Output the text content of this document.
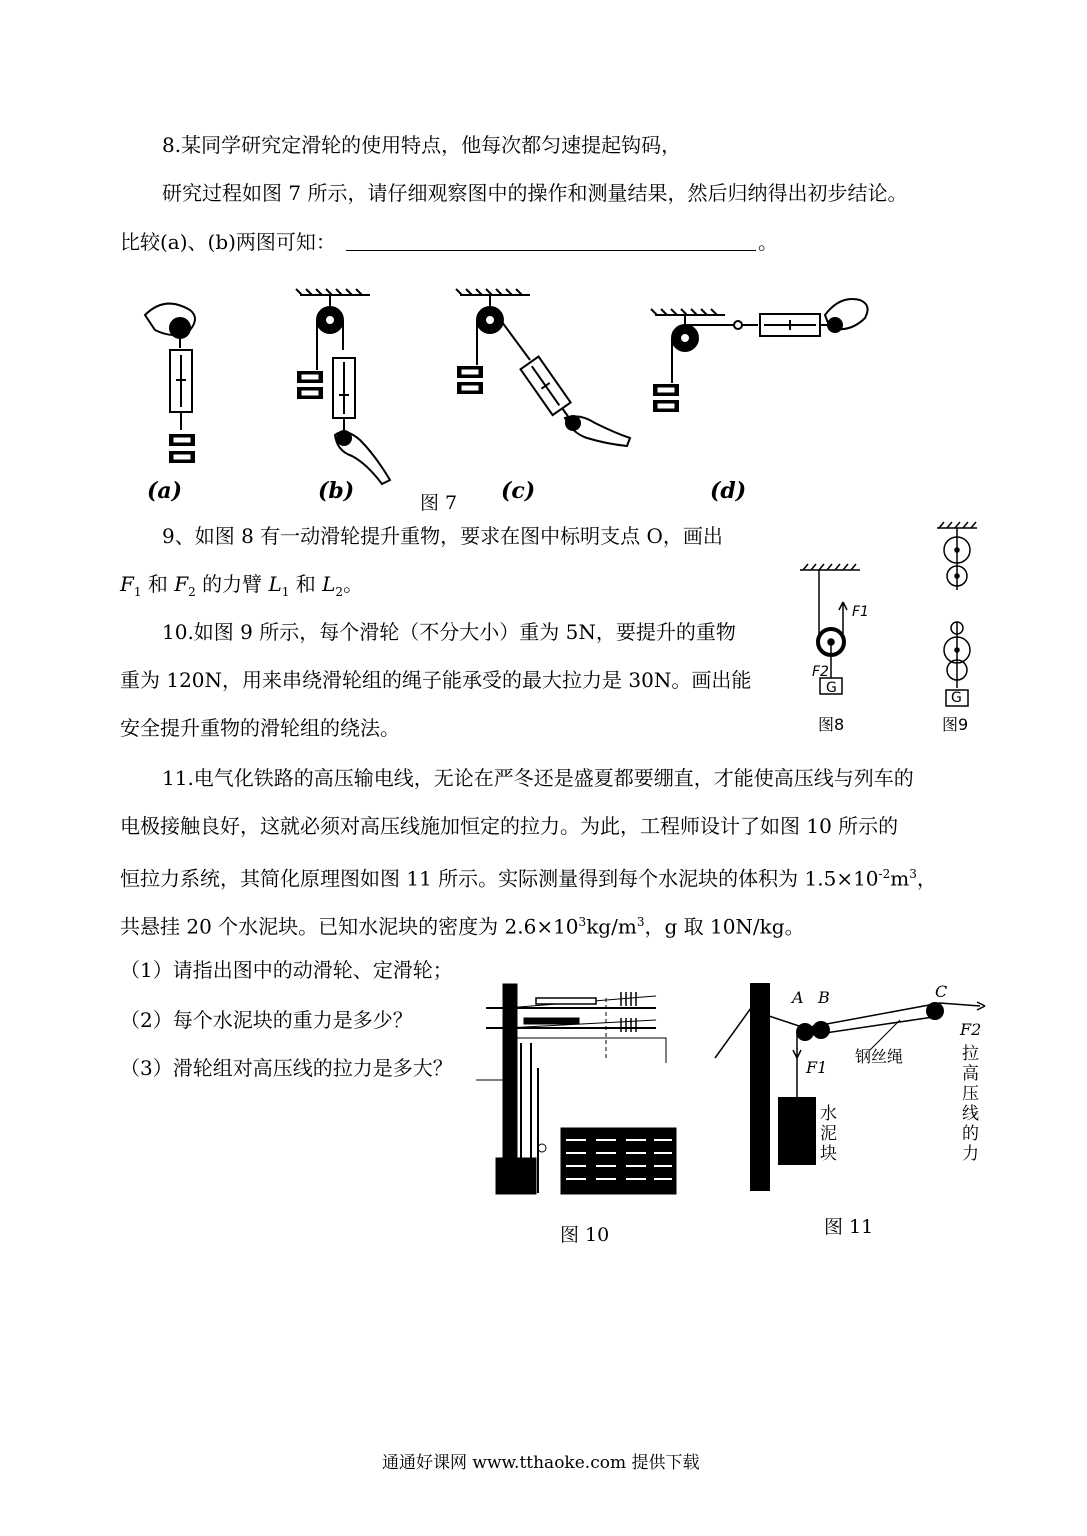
8.某同学研究定滑轮的使用特点，他每次都匀速提起钩码，
研究过程如图 7 所示，请仔细观察图中的操作和测量结果，然后归纳得出初步结论。
比较(a)、(b)两图可知：	。
(a)	(b)	(c)	(d)
图 7
9、如图 8 有一动滑轮提升重物，要求在图中标明支点 O，画出
$F_1$ 和 $F_2$ 的力臂 $L_1$ 和 $L_2$。
10.如图 9 所示，每个滑轮（不分大小）重为 5N，要提升的重物
重为 120N，用来串绕滑轮组的绳子能承受的最大拉力是 30N。画出能
安全提升重物的滑轮组的绕法。
F1
F2
G
图8
G
图9
11.电气化铁路的高压输电线，无论在严冬还是盛夏都要绷直，才能使高压线与列车的
电极接触良好，这就必须对高压线施加恒定的拉力。为此，工程师设计了如图 10 所示的
恒拉力系统，其简化原理图如图 11 所示。实际测量得到每个水泥块的体积为 $1.5\times 10^{-2}m^3$，
共悬挂 20 个水泥块。已知水泥块的密度为 $2.6\times 10^3kg/m^3$，g 取 10N/kg。
（1）请指出图中的动滑轮、定滑轮；
（2）每个水泥块的重力是多少？
（3）滑轮组对高压线的拉力是多大？
图 10
A B	C
F1
F2
钢丝绳
水
泥
块
拉
高
压
线
的
力
图 11
通通好课网 www.tthaoke.com 提供下载
